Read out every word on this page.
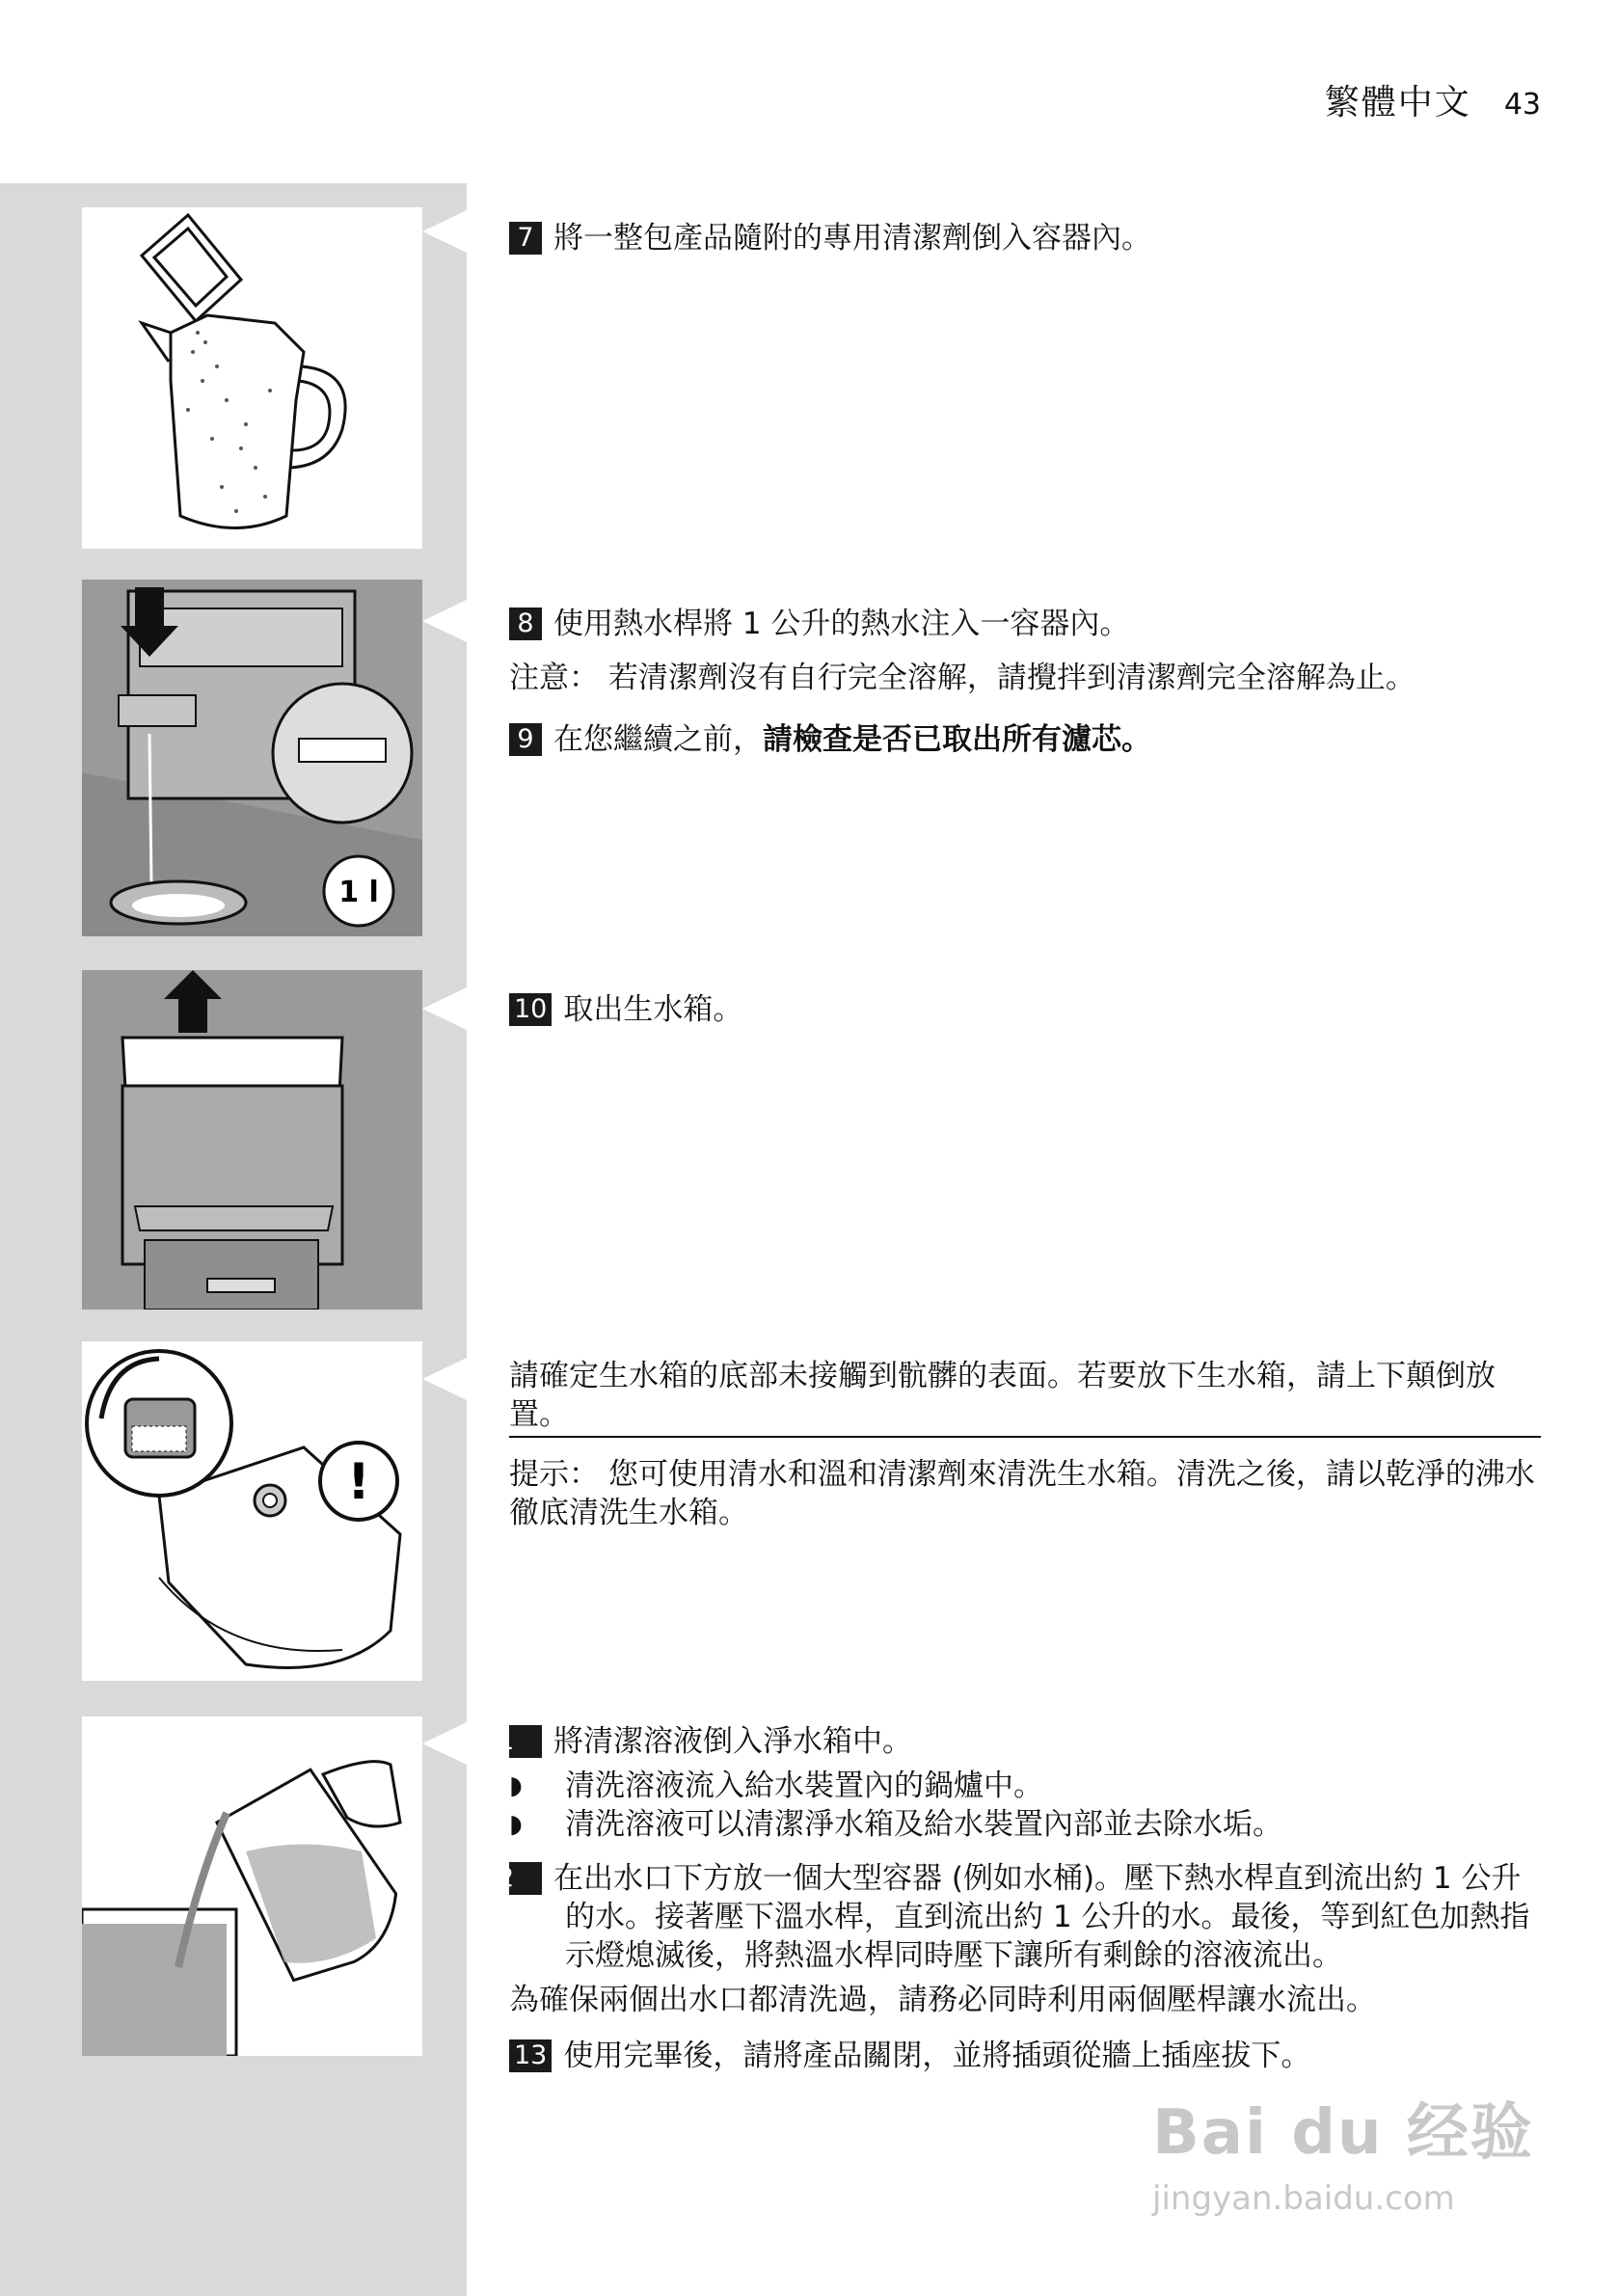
繁體中文 43
1 l
!

7 將一整包產品隨附的專用清潔劑倒入容器內。

8 使用熱水桿將 1 公升的熱水注入一容器內。

注意： 若清潔劑沒有自行完全溶解，請攪拌到清潔劑完全溶解為止。

9 在您繼續之前，請檢查是否已取出所有濾芯。

10 取出生水箱。

請確定生水箱的底部未接觸到骯髒的表面。若要放下生水箱，請上下顛倒放置。

提示： 您可使用清水和溫和清潔劑來清洗生水箱。清洗之後，請以乾淨的沸水徹底清洗生水箱。

11 將清潔溶液倒入淨水箱中。

◗ 清洗溶液流入給水裝置內的鍋爐中。
◗ 清洗溶液可以清潔淨水箱及給水裝置內部並去除水垢。

12 在出水口下方放一個大型容器 (例如水桶)。壓下熱水桿直到流出約 1 公升的水。接著壓下溫水桿，直到流出約 1 公升的水。最後，等到紅色加熱指示燈熄滅後，將熱溫水桿同時壓下讓所有剩餘的溶液流出。

為確保兩個出水口都清洗過，請務必同時利用兩個壓桿讓水流出。

13 使用完畢後，請將產品關閉，並將插頭從牆上插座拔下。

Bai du 经验
jingyan.baidu.com
